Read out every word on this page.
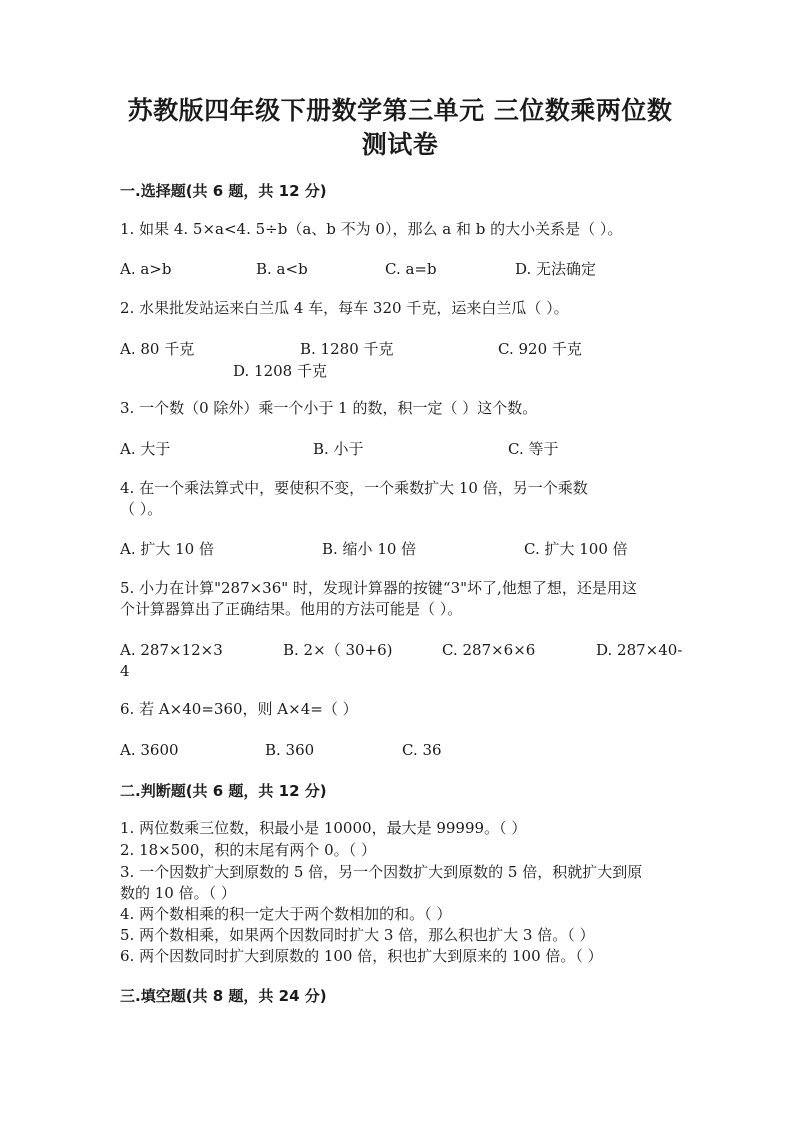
苏教版四年级下册数学第三单元 三位数乘两位数
测试卷
一.选择题(共 6 题，共 12 分)
1. 如果 4. 5×a<4. 5÷b（a、b 不为 0），那么 a 和 b 的大小关系是（ ）。
A. a>b	B. a<b	C. a=b	D. 无法确定
2. 水果批发站运来白兰瓜 4 车，每车 320 千克，运来白兰瓜（ ）。
A. 80 千克	B. 1280 千克	C. 920 千克
D. 1208 千克
3. 一个数（0 除外）乘一个小于 1 的数，积一定（ ）这个数。
A. 大于	B. 小于	C. 等于
4. 在一个乘法算式中，要使积不变，一个乘数扩大 10 倍，另一个乘数
（ ）。
A. 扩大 10 倍	B. 缩小 10 倍	C. 扩大 100 倍
5. 小力在计算"287×36" 时，发现计算器的按键“3"坏了,他想了想，还是用这
个计算器算出了正确结果。他用的方法可能是（ ）。
A. 287×12×3	B. 2×（ 30+6)	C. 287×6×6	D. 287×40-
4
6. 若 A×40=360，则 A×4=（ ）
A. 3600	B. 360	C. 36
二.判断题(共 6 题，共 12 分)
1. 两位数乘三位数，积最小是 10000，最大是 99999。（ ）
2. 18×500，积的末尾有两个 0。（ ）
3. 一个因数扩大到原数的 5 倍，另一个因数扩大到原数的 5 倍，积就扩大到原
数的 10 倍。（ ）
4. 两个数相乘的积一定大于两个数相加的和。（ ）
5. 两个数相乘，如果两个因数同时扩大 3 倍，那么积也扩大 3 倍。（ ）
6. 两个因数同时扩大到原数的 100 倍，积也扩大到原来的 100 倍。（ ）
三.填空题(共 8 题，共 24 分)
